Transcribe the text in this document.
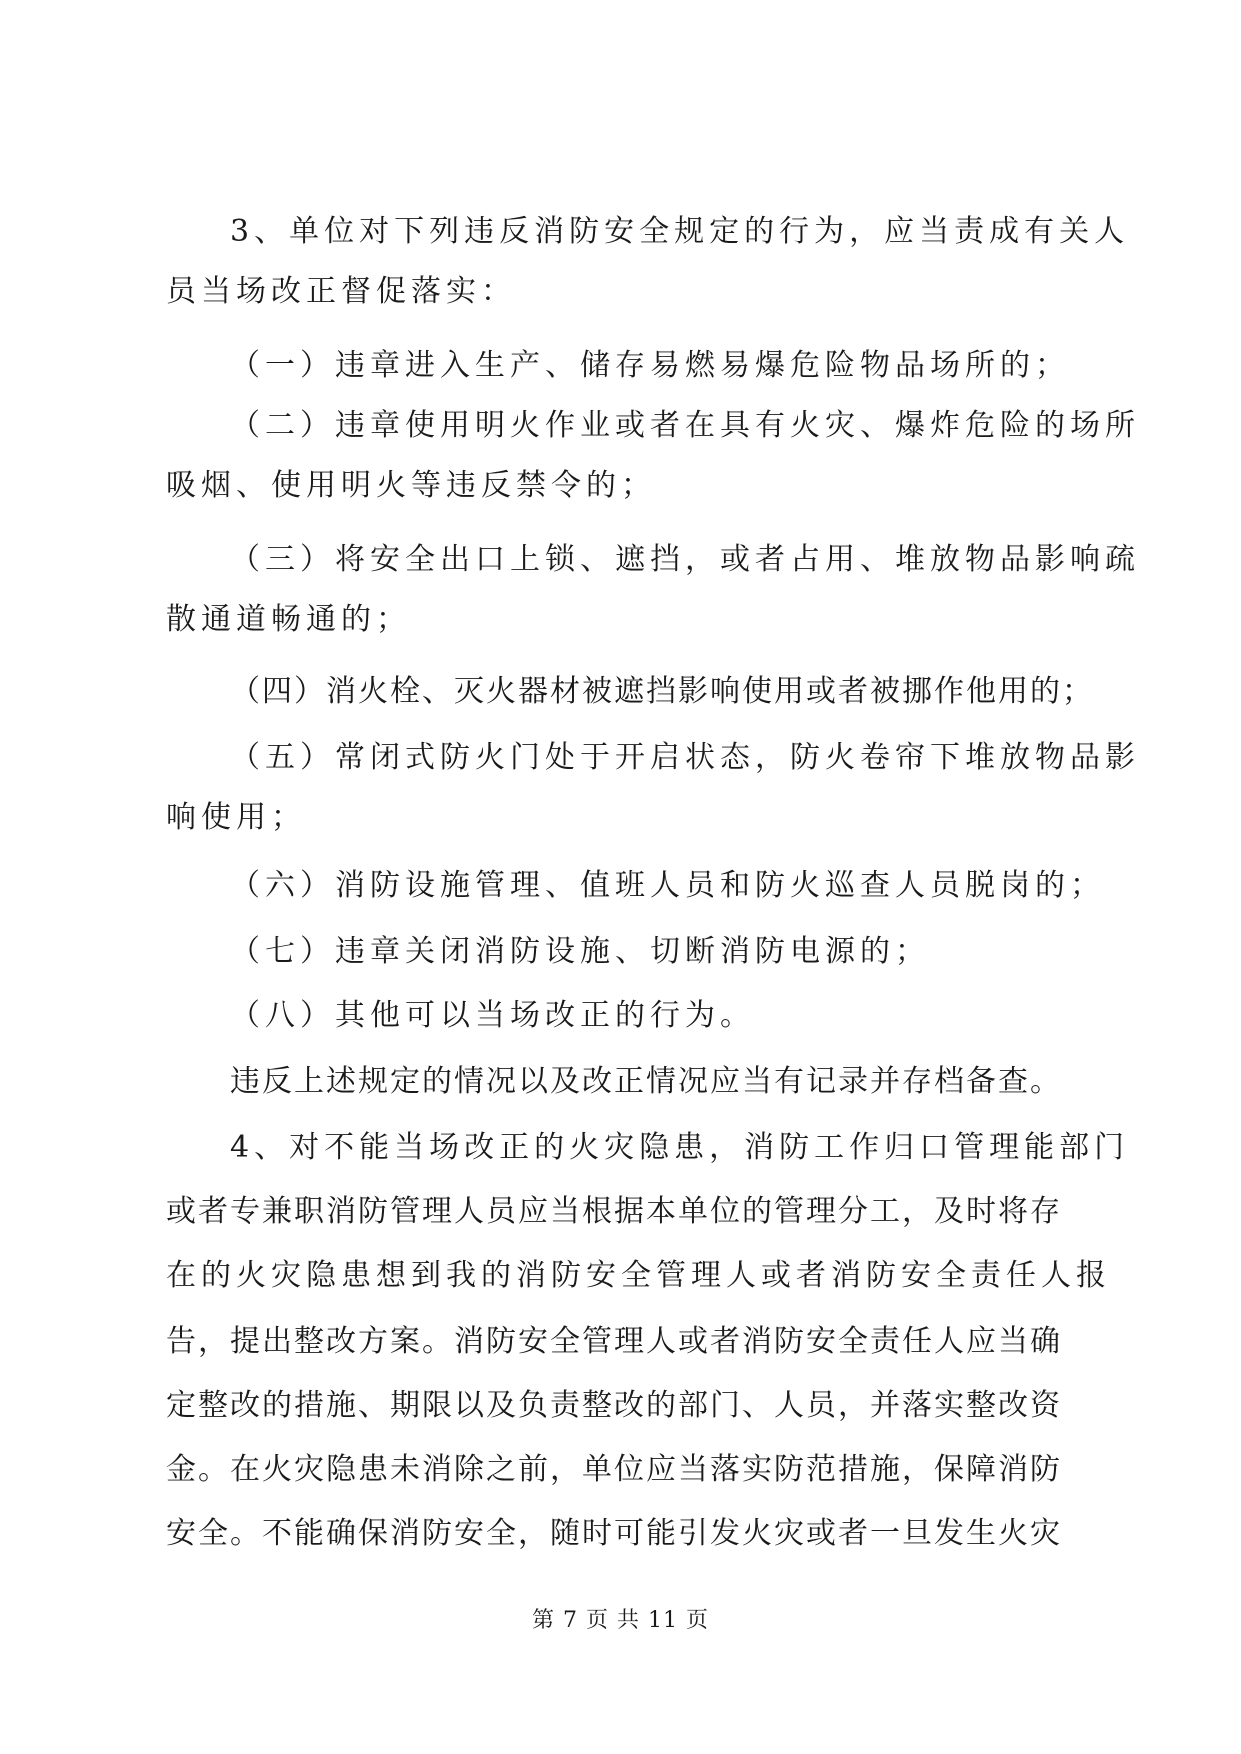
3、单位对下列违反消防安全规定的行为，应当责成有关人
员当场改正督促落实：
（一）违章进入生产、储存易燃易爆危险物品场所的；
（二）违章使用明火作业或者在具有火灾、爆炸危险的场所
吸烟、使用明火等违反禁令的；
（三）将安全出口上锁、遮挡，或者占用、堆放物品影响疏
散通道畅通的；
（四）消火栓、灭火器材被遮挡影响使用或者被挪作他用的；
（五）常闭式防火门处于开启状态，防火卷帘下堆放物品影
响使用；
（六）消防设施管理、值班人员和防火巡查人员脱岗的；
（七）违章关闭消防设施、切断消防电源的；
（八）其他可以当场改正的行为。
违反上述规定的情况以及改正情况应当有记录并存档备查。
4、对不能当场改正的火灾隐患，消防工作归口管理能部门
或者专兼职消防管理人员应当根据本单位的管理分工，及时将存
在的火灾隐患想到我的消防安全管理人或者消防安全责任人报
告，提出整改方案。消防安全管理人或者消防安全责任人应当确
定整改的措施、期限以及负责整改的部门、人员，并落实整改资
金。在火灾隐患未消除之前，单位应当落实防范措施，保障消防
安全。不能确保消防安全，随时可能引发火灾或者一旦发生火灾
第 7 页 共 11 页
